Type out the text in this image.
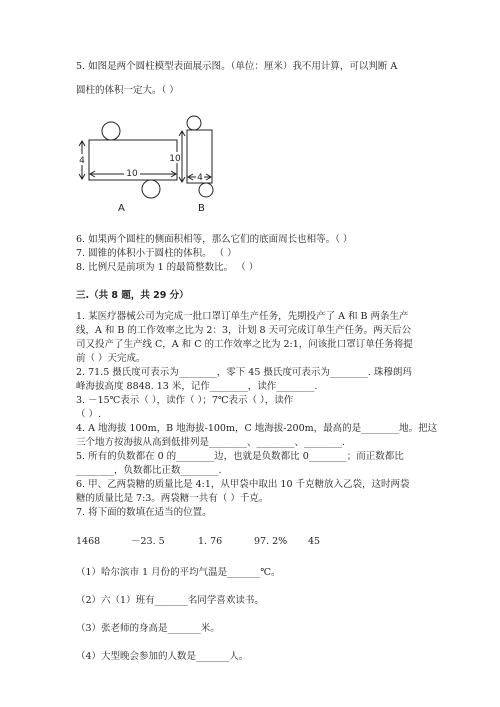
5. 如图是两个圆柱模型表面展示图。（单位：厘米）我不用计算，可以判断 A
圆柱的体积一定大。（ ）
4
10
A
10
4
B
6. 如果两个圆柱的侧面积相等，那么它们的底面周长也相等。（ ）
7. 圆锥的体积小于圆柱的体积。 （ ）
8. 比例尺是前项为 1 的最简整数比。 （ ）
三.（共 8 题，共 29 分）
1. 某医疗器械公司为完成一批口罩订单生产任务，先期投产了 A 和 B 两条生产
线，A 和 B 的工作效率之比为 2：3，计划 8 天可完成订单生产任务。两天后公
司又投产了生产线 C，A 和 C 的工作效率之比为 2:1，问该批口罩订单任务将提
前（ ）天完成。
2. 71.5 摄氏度可表示为________，零下 45 摄氏度可表示为________. 珠穆朗玛
峰海拔高度 8848. 13 米，记作________，读作________.
3. －15℃表示（ ），读作（ ）；7℃表示（ ），读作
（ ）.
4. A 地海拔 100m，B 地海拔-100m，C 地海拔-200m，最高的是________地。把这
三个地方按海拔从高到低排列是________、________、________.
5. 所有的负数都在 0 的________边，也就是负数都比 0________；而正数都比
________，负数都比正数________.
6. 甲、乙两袋糖的质量比是 4:1，从甲袋中取出 10 千克糖放入乙袋，这时两袋
糖的质量比是 7:3。两袋糖一共有（ ）千克。
7. 将下面的数填在适当的位置。
1468	－23. 5	1. 76	97. 2% 45
（1）哈尔滨市 1 月份的平均气温是_______℃。
（2）六（1）班有_______名同学喜欢读书。
（3）张老师的身高是_______米。
（4）大型晚会参加的人数是_______人。
